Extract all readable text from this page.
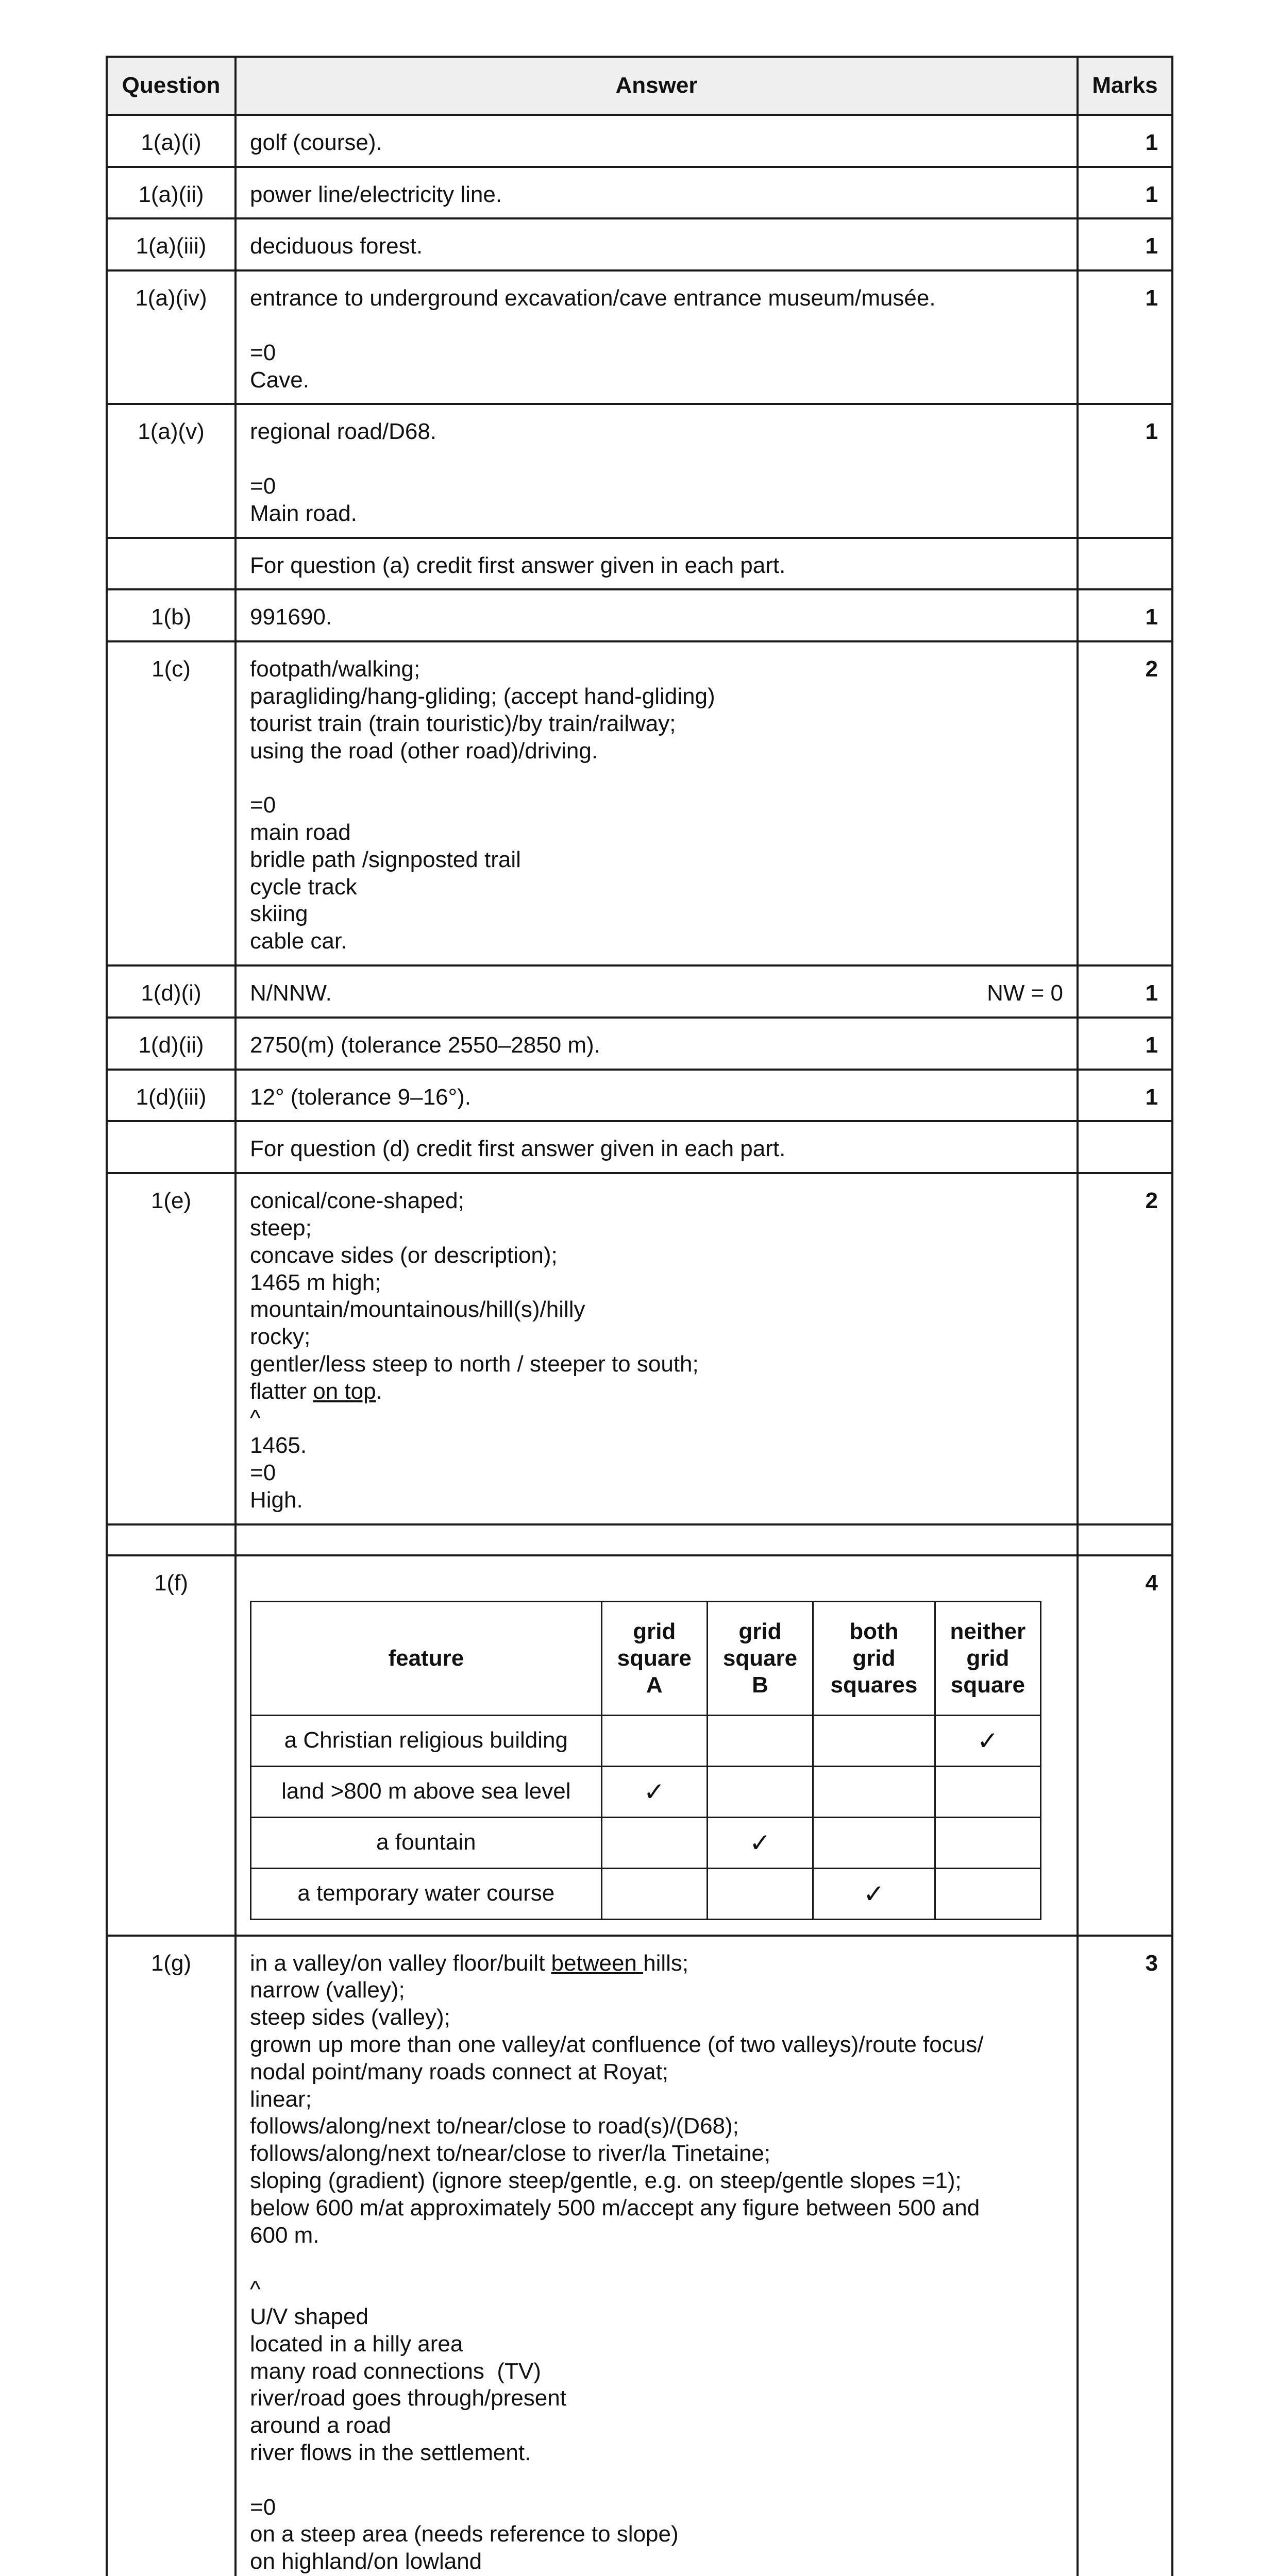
Question	Answer	Marks
1(a)(i)	golf (course).	1
1(a)(ii)	power line/electricity line.	1
1(a)(iii)	deciduous forest.	1
1(a)(iv)	entrance to underground excavation/cave entrance museum/musée.
=0
Cave.
	1
1(a)(v)	regional road/D68.
=0
Main road.
	1

For question (a) credit first answer given in each part.

1(b)	991690.	1
1(c)	footpath/walking;
paragliding/hang-gliding; (accept hand-gliding)
tourist train (train touristic)/by train/railway;
using the road (other road)/driving.
=0
main road
bridle path /signposted trail
cycle track
skiing
cable car.
	2
1(d)(i)	N/NNW.	NW = 0	1
1(d)(ii)	2750(m) (tolerance 2550–2850 m).	1
1(d)(iii)	12° (tolerance 9–16°).	1

For question (d) credit first answer given in each part.

1(e)	conical/cone-shaped;
steep;
concave sides (or description);
1465 m high;
mountain/mountainous/hill(s)/hilly
rocky;
gentler/less steep to north / steeper to south;
flatter on top.
^
1465.
=0
High.
	2

1(f)	
feature	grid
square
A	grid
square
B	both
grid
squares	neither
grid
square
a Christian religious building				✓
land >800 m above sea level	✓			
a fountain		✓		
a temporary water course			✓	
	4
1(g)	in a valley/on valley floor/built between hills;
narrow (valley);
steep sides (valley);
grown up more than one valley/at confluence (of two valleys)/route focus/
nodal point/many roads connect at Royat;
linear;
follows/along/next to/near/close to road(s)/(D68);
follows/along/next to/near/close to river/la Tinetaine;
sloping (gradient) (ignore steep/gentle, e.g. on steep/gentle slopes =1);
below 600 m/at approximately 500 m/accept any figure between 500 and
600 m.
^
U/V shaped
located in a hilly area
many road connections  (TV)
river/road goes through/present
around a road
river flows in the settlement.
=0
on a steep area (needs reference to slope)
on highland/on lowland
	3
